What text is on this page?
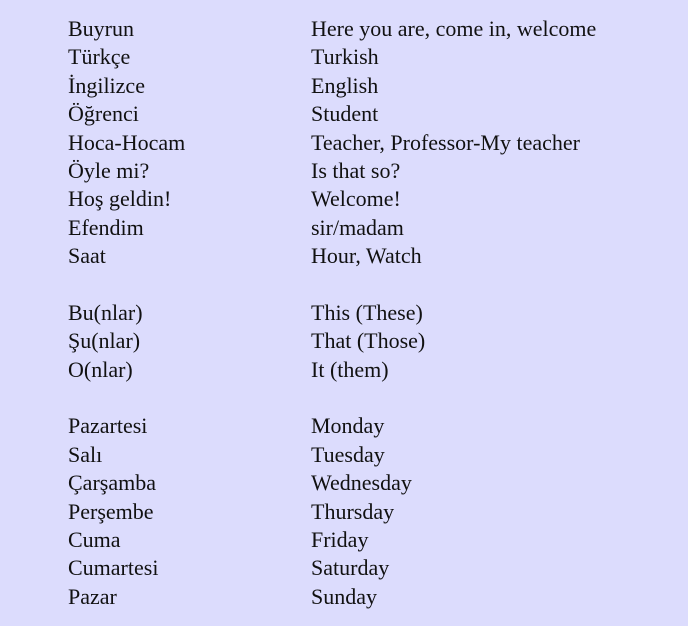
Buyrun	Here you are, come in, welcome
Türkçe	Turkish
İngilizce	English
Öğrenci	Student
Hoca-Hocam	Teacher, Professor-My teacher
Öyle mi?	Is that so?
Hoş geldin!	Welcome!
Efendim	sir/madam
Saat	Hour, Watch
Bu(nlar)	This (These)
Şu(nlar)	That (Those)
O(nlar)	It (them)
Pazartesi	Monday
Salı	Tuesday
Çarşamba	Wednesday
Perşembe	Thursday
Cuma	Friday
Cumartesi	Saturday
Pazar	Sunday
